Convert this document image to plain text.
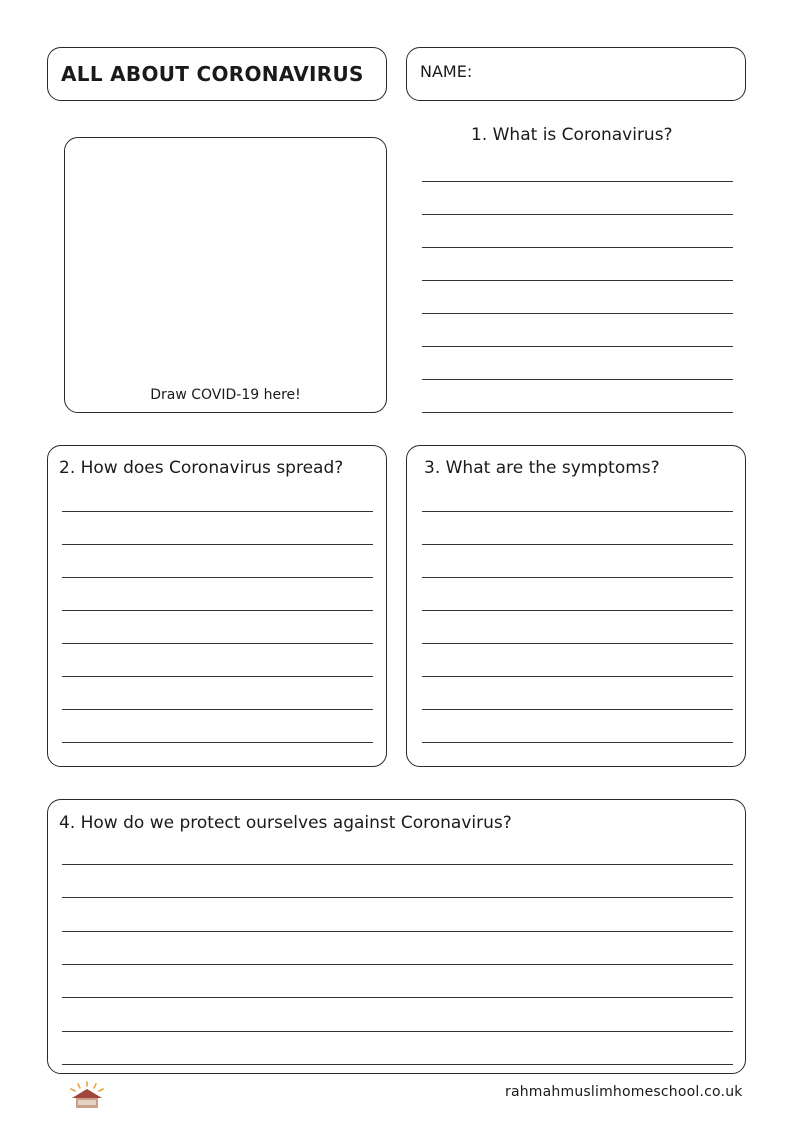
ALL ABOUT CORONAVIRUS	NAME:
Draw COVID-19 here!
1. What is Coronavirus?
2. How does Coronavirus spread?	3. What are the symptoms?
4. How do we protect ourselves against Coronavirus?
rahmahmuslimhomeschool.co.uk
